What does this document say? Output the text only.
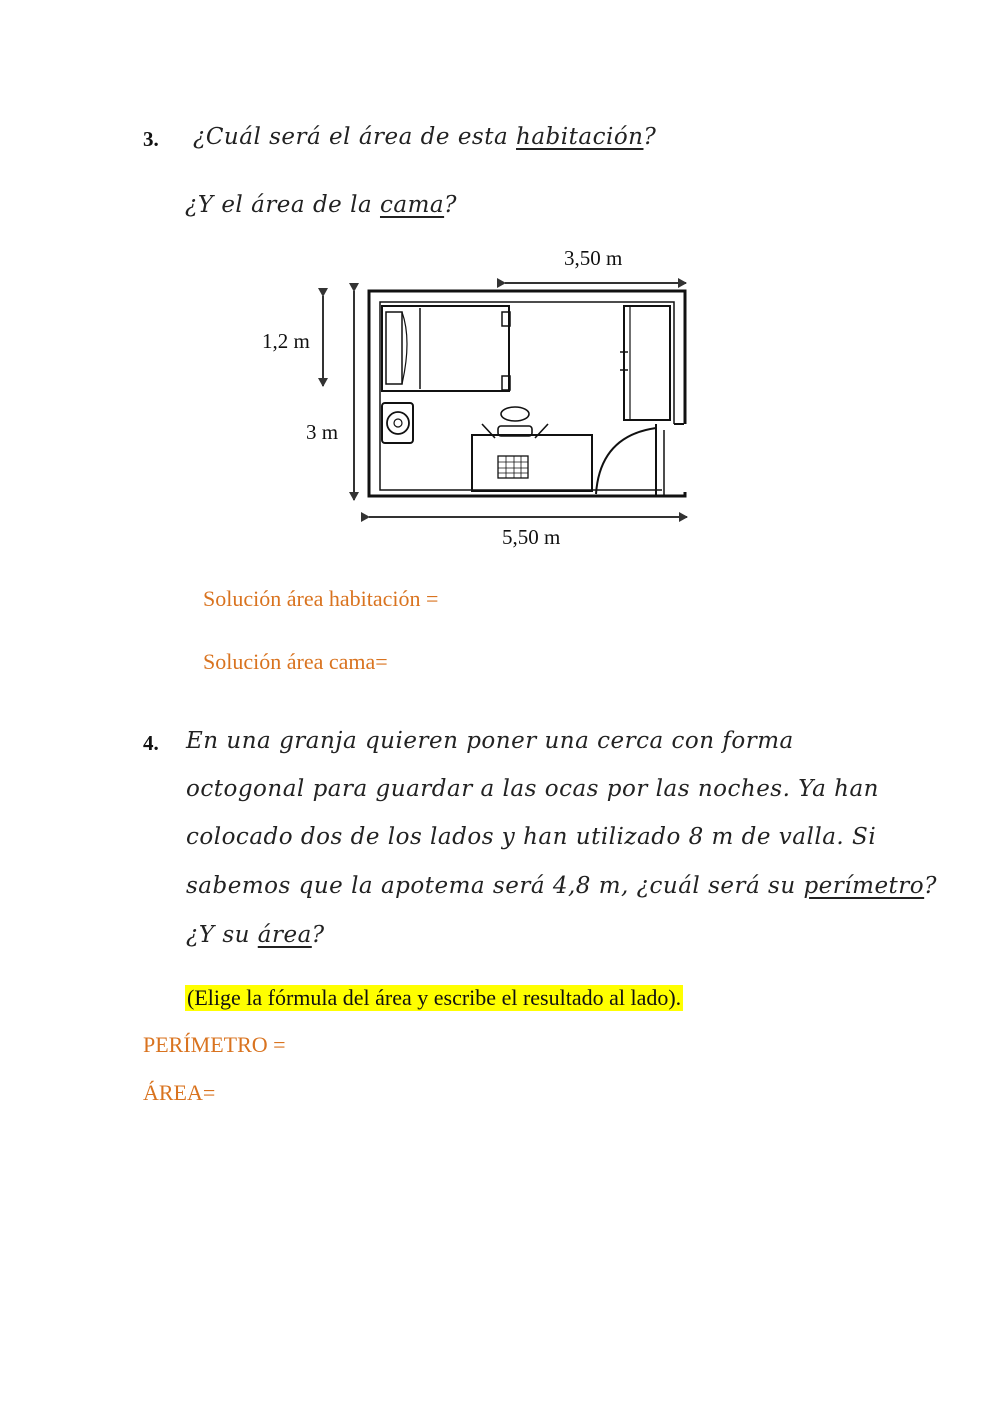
3. ¿Cuál será el área de esta habitación?
¿Y el área de la cama?
3,50 m
1,2 m
3 m
5,50 m
Solución área habitación =
Solución área cama=
4. En una granja quieren poner una cerca con forma
octogonal para guardar a las ocas por las noches. Ya han
colocado dos de los lados y han utilizado 8 m de valla. Si
sabemos que la apotema será 4,8 m, ¿cuál será su perímetro?
¿Y su área?
(Elige la fórmula del área y escribe el resultado al lado).
PERÍMETRO =
ÁREA=
